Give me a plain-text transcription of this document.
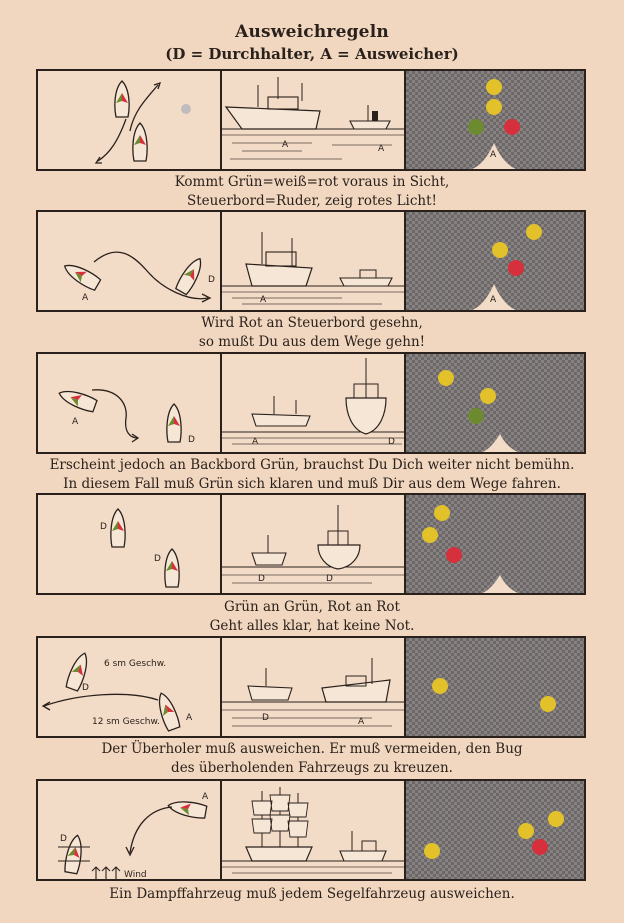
Ausweichregeln
(D = Durchhalter, A = Ausweicher)
A	A
A
Kommt Grün=weiß=rot voraus in Sicht,
Steuerbord=Ruder, zeig rotes Licht!
A
D
A	A
Wird Rot an Steuerbord gesehn,
so mußt Du aus dem Wege gehn!
A
D	A	D
Erscheint jedoch an Backbord Grün, brauchst Du Dich weiter nicht bemühn.
In diesem Fall muß Grün sich klaren und muß Dir aus dem Wege fahren.
D
D
D	D
Grün an Grün, Rot an Rot
Geht alles klar, hat keine Not.
6 sm Geschw.
12 sm Geschw.
D
A	D	A
Der Überholer muß ausweichen. Er muß vermeiden, den Bug
des überholenden Fahrzeugs zu kreuzen.
Wind
D
A
Ein Dampffahrzeug muß jedem Segelfahrzeug ausweichen.
